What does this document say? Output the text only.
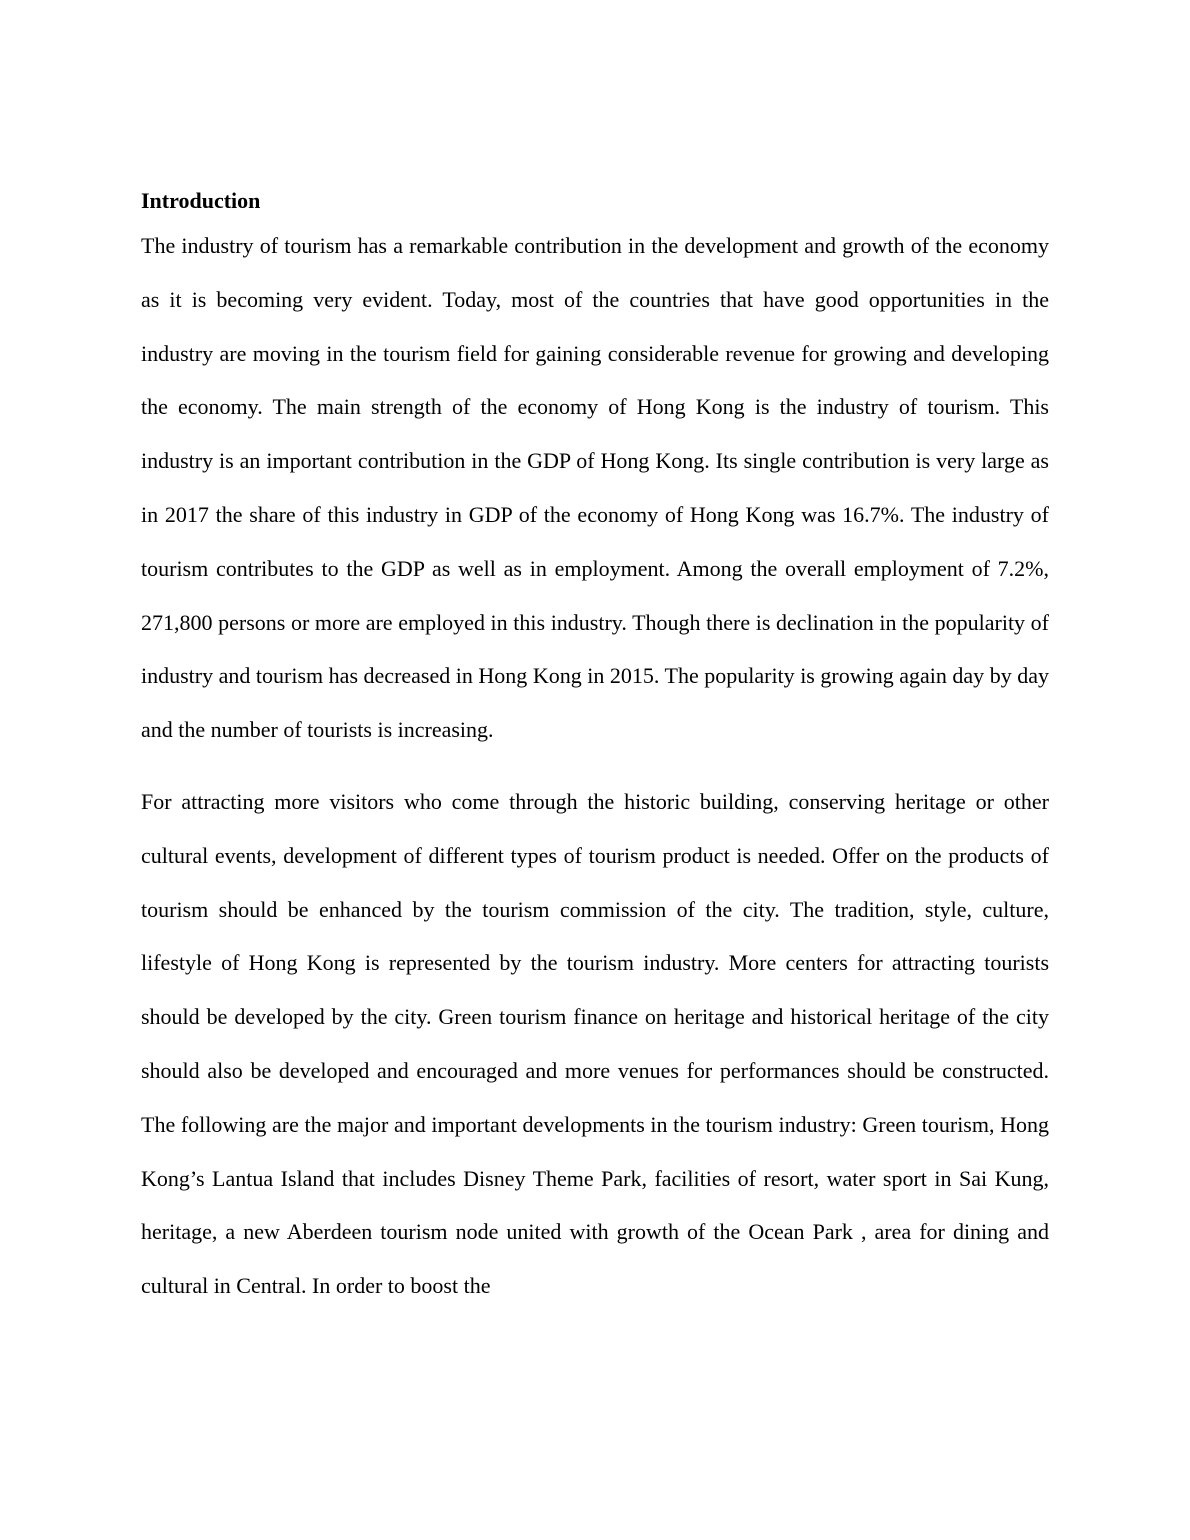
Introduction

The industry of tourism has a remarkable contribution in the development and growth of the economy as it is becoming very evident. Today, most of the countries that have good opportunities in the industry are moving in the tourism field for gaining considerable revenue for growing and developing the economy. The main strength of the economy of Hong Kong is the industry of tourism. This industry is an important contribution in the GDP of Hong Kong. Its single contribution is very large as in 2017 the share of this industry in GDP of the economy of Hong Kong was 16.7%. The industry of tourism contributes to the GDP as well as in employment. Among the overall employment of 7.2%, 271,800 persons or more are employed in this industry. Though there is declination in the popularity of industry and tourism has decreased in Hong Kong in 2015. The popularity is growing again day by day and the number of tourists is increasing.

For attracting more visitors who come through the historic building, conserving heritage or other cultural events, development of different types of tourism product is needed. Offer on the products of tourism should be enhanced by the tourism commission of the city. The tradition, style, culture, lifestyle of Hong Kong is represented by the tourism industry. More centers for attracting tourists should be developed by the city. Green tourism finance on heritage and historical heritage of the city should also be developed and encouraged and more venues for performances should be constructed. The following are the major and important developments in the tourism industry: Green tourism, Hong Kong’s Lantua Island that includes Disney Theme Park, facilities of resort, water sport in Sai Kung, heritage, a new Aberdeen tourism node united with growth of the Ocean Park , area for dining and cultural in Central. In order to boost the
